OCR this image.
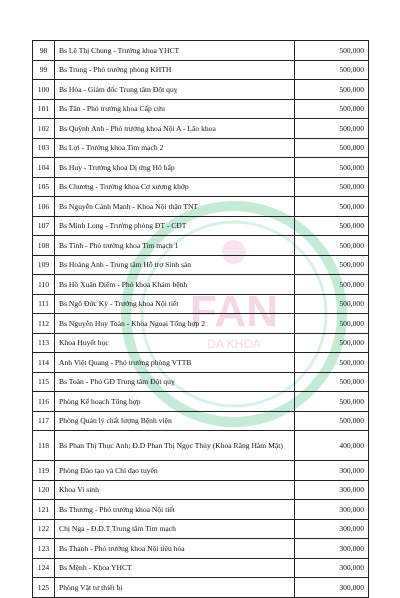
FAN
DA KHOA
98	Bs Lê Thị Chung - Trưởng khoa YHCT	500,000
99	Bs Trung - Phó trưởng phòng KHTH	500,000
100	Bs Hòa - Giám đốc Trung tâm Đột quỵ	500,000
101	Bs Tân - Phó trưởng khoa Cấp cứu	500,000
102	Bs Quỳnh Anh - Phó trưởng khoa Nội A - Lão khoa	500,000
103	Bs Lợi - Trưởng khoa Tim mạch 2	500,000
104	Bs Huy - Trưởng khoa Dị ứng Hô hấp	500,000
105	Bs Chương - Trưởng khoa Cơ xương khớp	500,000
106	Bs Nguyễn Cảnh Mạnh - Khoa Nội thận TNT	500,000
107	Bs Minh Long - Trưởng phòng ĐT - CĐT	500,000
108	Bs Tình - Phó trưởng khoa Tim mạch 1	500,000
109	Bs Hoàng Anh - Trung tâm Hỗ trợ Sinh sản	500,000
110	Bs Hồ Xuân Điểm - Phó khoa Khám bệnh	500,000
111	Bs Ngô Đức Kỳ - Trưởng khoa Nội tiết	500,000
112	Bs Nguyễn Huy Toàn - Khoa Ngoại Tổng hợp 2	500,000
113	Khoa Huyết học	500,000
114	Anh Việt Quang - Phó trưởng phòng VTTB	500,000
115	Bs Toàn - Phó GĐ Trung tâm Đột quỵ	500,000
116	Phòng Kế hoạch Tổng hợp	500,000
117	Phòng Quản lý chất lượng Bệnh viện	500,000
118	Bs Phan Thị Thục Anh; Đ.D Phan Thị Ngọc Thủy (Khoa Răng Hàm Mặt)	400,000
119	Phòng Đào tạo và Chỉ đạo tuyến	300,000
120	Khoa Vi sinh	300,000
121	Bs Thương - Phó trưởng khoa Nội tiết	300,000
122	Chị Nga - Đ.D.T Trung tâm Tim mạch	300,000
123	Bs Thanh - Phó trưởng khoa Nội tiêu hóa	300,000
124	Bs Mệnh - Khoa YHCT	300,000
125	Phòng Vật tư thiết bị	300,000
